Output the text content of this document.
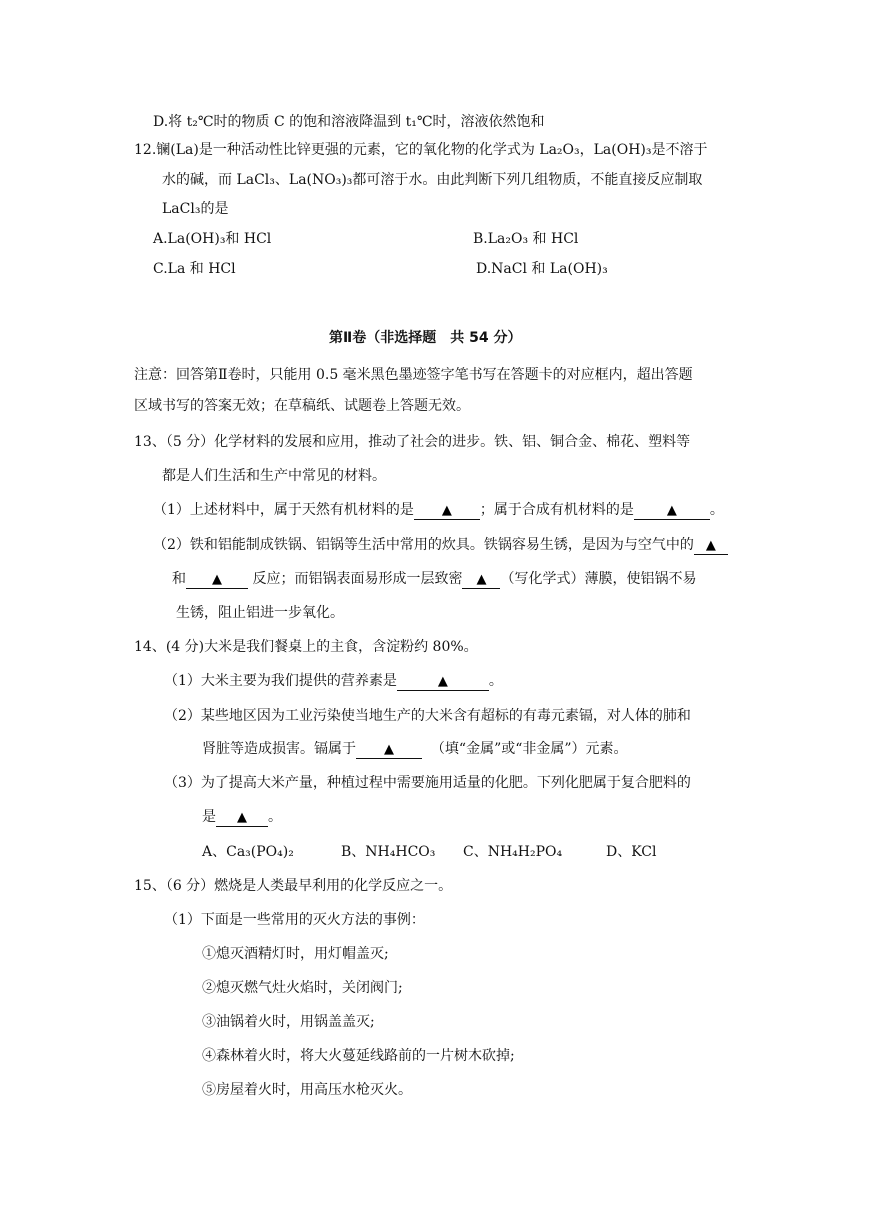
D.将 t₂℃时的物质 C 的饱和溶液降温到 t₁℃时，溶液依然饱和
12.镧(La)是一种活动性比锌更强的元素，它的氧化物的化学式为 La₂O₃，La(OH)₃是不溶于
水的碱，而 LaCl₃、La(NO₃)₃都可溶于水。由此判断下列几组物质，不能直接反应制取
LaCl₃的是
A.La(OH)₃和 HCl	B.La₂O₃ 和 HCl
C.La 和 HCl	D.NaCl 和 La(OH)₃
第Ⅱ卷（非选择题　共 54 分）
注意：回答第Ⅱ卷时，只能用 0.5 毫米黑色墨迹签字笔书写在答题卡的对应框内，超出答题
区域书写的答案无效；在草稿纸、试题卷上答题无效。
13、（5 分）化学材料的发展和应用，推动了社会的进步。铁、铝、铜合金、棉花、塑料等
都是人们生活和生产中常见的材料。
（1）上述材料中，属于天然有机材料的是 ▲ ；属于合成有机材料的是	▲ 。
（2）铁和铝能制成铁锅、铝锅等生活中常用的炊具。铁锅容易生锈，是因为与空气中的 ▲
和 ▲ 反应；而铝锅表面易形成一层致密 ▲ （写化学式）薄膜，使铝锅不易
生锈，阻止铝进一步氧化。
14、(4 分)大米是我们餐桌上的主食，含淀粉约 80%。
（1）大米主要为我们提供的营养素是	▲	。
（2）某些地区因为工业污染使当地生产的大米含有超标的有毒元素镉，对人体的肺和
肾脏等造成损害。镉属于 ▲	（填“金属”或“非金属”）元素。
（3）为了提高大米产量，种植过程中需要施用适量的化肥。下列化肥属于复合肥料的
是 ▲ 。
A、Ca₃(PO₄)₂	B、NH₄HCO₃ C、NH₄H₂PO₄	D、KCl
15、（6 分）燃烧是人类最早利用的化学反应之一。
（1）下面是一些常用的灭火方法的事例：
①熄灭酒精灯时，用灯帽盖灭;
②熄灭燃气灶火焰时，关闭阀门;
③油锅着火时，用锅盖盖灭;
④森林着火时，将大火蔓延线路前的一片树木砍掉;
⑤房屋着火时，用高压水枪灭火。
